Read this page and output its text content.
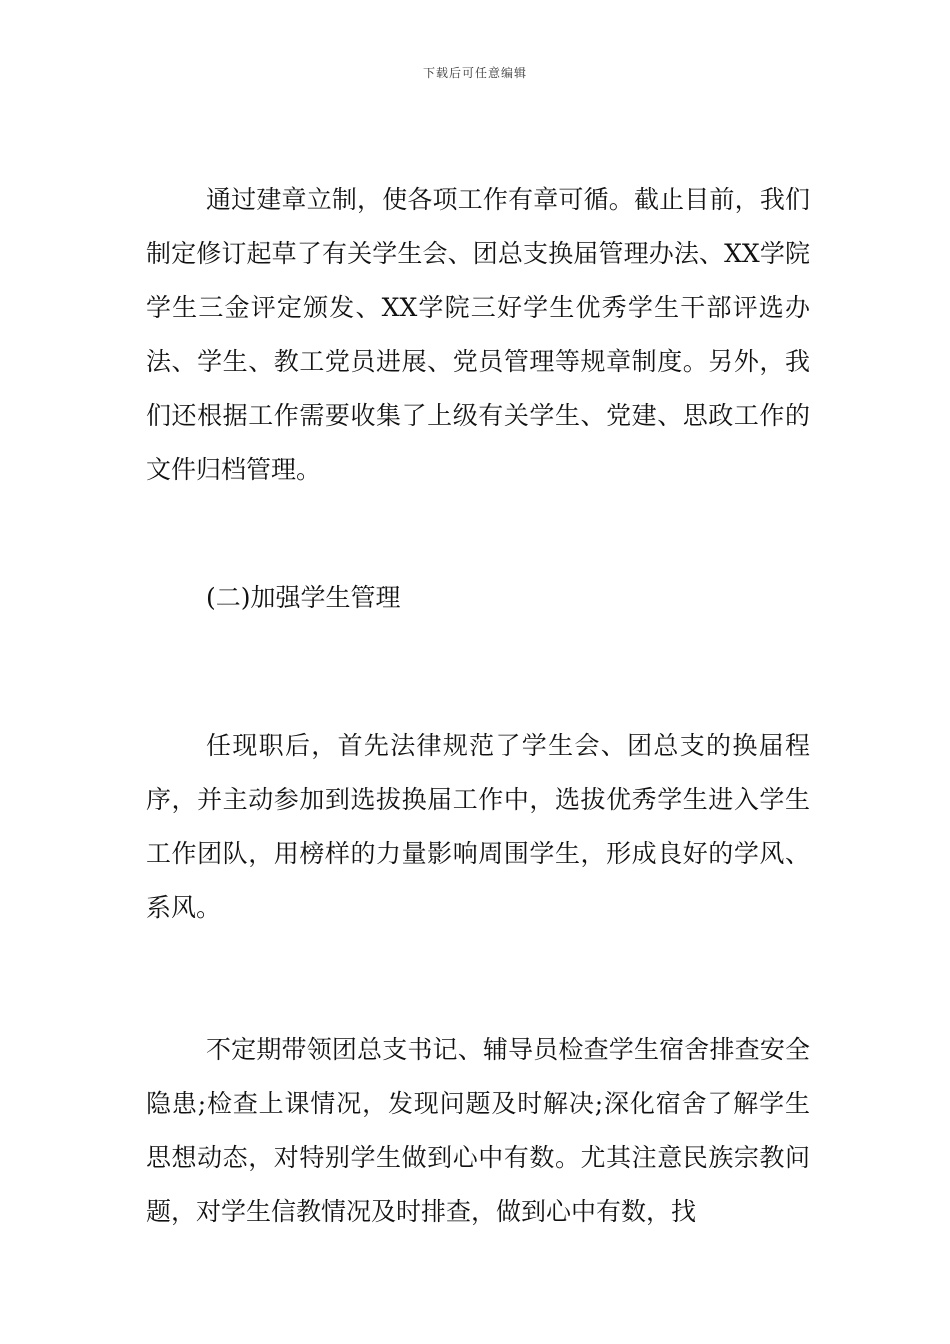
下载后可任意编辑

通过建章立制，使各项工作有章可循。截止目前，我们制定修订起草了有关学生会、团总支换届管理办法、XX学院学生三金评定颁发、XX学院三好学生优秀学生干部评选办法、学生、教工党员进展、党员管理等规章制度。另外，我们还根据工作需要收集了上级有关学生、党建、思政工作的文件归档管理。

(二)加强学生管理

任现职后，首先法律规范了学生会、团总支的换届程序，并主动参加到选拔换届工作中，选拔优秀学生进入学生工作团队，用榜样的力量影响周围学生，形成良好的学风、系风。

不定期带领团总支书记、辅导员检查学生宿舍排查安全隐患;检查上课情况，发现问题及时解决;深化宿舍了解学生思想动态，对特别学生做到心中有数。尤其注意民族宗教问题，对学生信教情况及时排查，做到心中有数，找
